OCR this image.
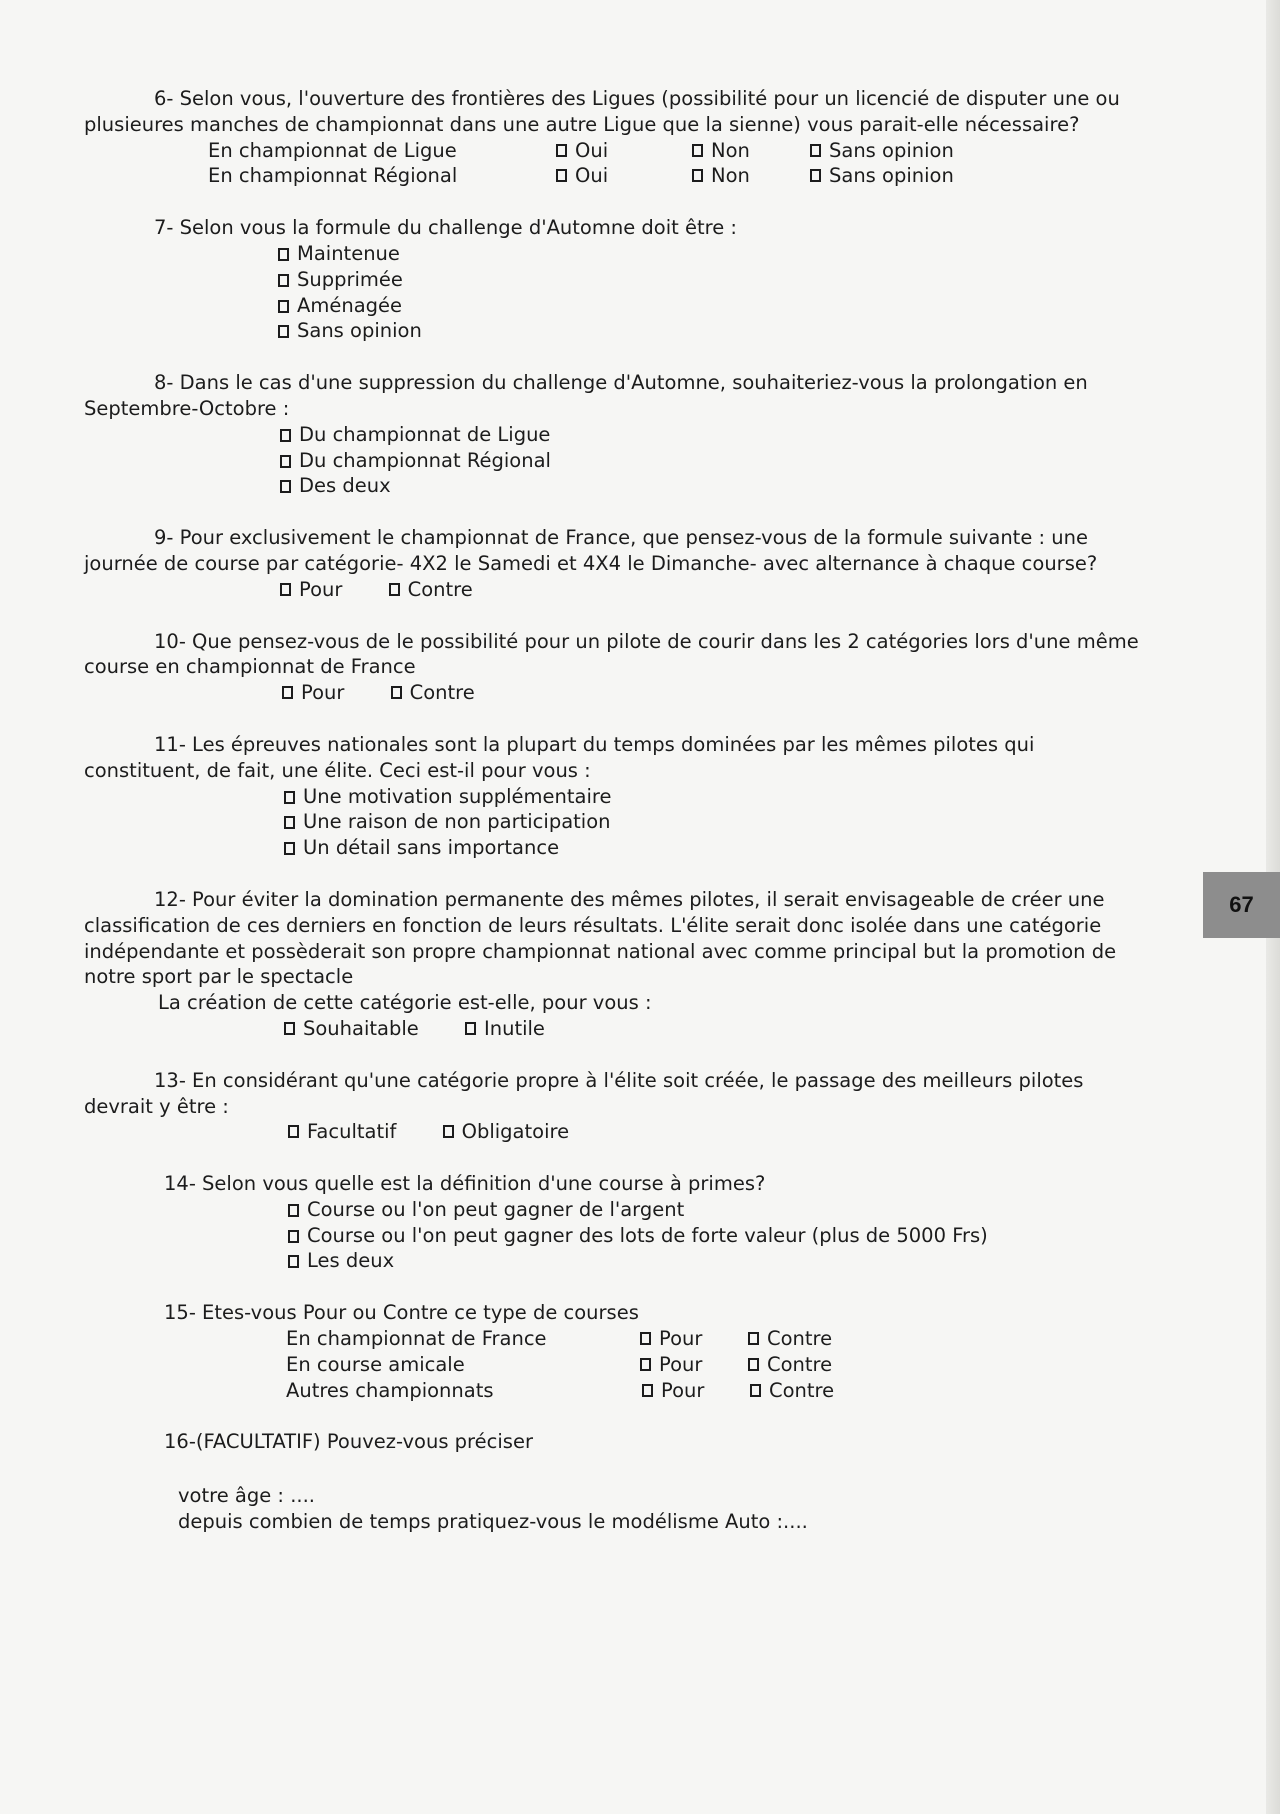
67

6- Selon vous, l'ouverture des frontières des Ligues (possibilité pour un licencié de disputer une ou plusieures manches de championnat dans une autre Ligue que la sienne) vous parait-elle nécessaire?

En championnat de Ligue	Oui	Non	Sans opinion
En championnat Régional	Oui	Non	Sans opinion

7- Selon vous la formule du challenge d'Automne doit être :

Maintenue
Supprimée
Aménagée
Sans opinion

8- Dans le cas d'une suppression du challenge d'Automne, souhaiteriez-vous la prolongation en Septembre-Octobre :

Du championnat de Ligue
Du championnat Régional
Des deux

9- Pour exclusivement le championnat de France, que pensez-vous de la formule suivante : une journée de course par catégorie- 4X2 le Samedi et 4X4 le Dimanche- avec alternance à chaque course?

Pour
	Contre

10- Que pensez-vous de le possibilité pour un pilote de courir dans les 2 catégories lors d'une même course en championnat de France

Pour
	Contre

11- Les épreuves nationales sont la plupart du temps dominées par les mêmes pilotes qui constituent, de fait, une élite. Ceci est-il pour vous :

Une motivation supplémentaire
Une raison de non participation
Un détail sans importance

12- Pour éviter la domination permanente des mêmes pilotes, il serait envisageable de créer une classification de ces derniers en fonction de leurs résultats. L'élite serait donc isolée dans une catégorie indépendante et possèderait son propre championnat national avec comme principal but la promotion de notre sport par le spectacle

La création de cette catégorie est-elle, pour vous :

Souhaitable
	Inutile

13- En considérant qu'une catégorie propre à l'élite soit créée, le passage des meilleurs pilotes devrait y être :

Facultatif
	Obligatoire

14- Selon vous quelle est la définition d'une course à primes?

Course ou l'on peut gagner de l'argent
Course ou l'on peut gagner des lots de forte valeur (plus de 5000 Frs)
Les deux

15- Etes-vous Pour ou Contre ce type de courses

En championnat de France	Pour	Contre
En course amicale	Pour	Contre
Autres championnats	Pour	Contre

16-(FACULTATIF) Pouvez-vous préciser

votre âge : ....

depuis combien de temps pratiquez-vous le modélisme Auto :....
